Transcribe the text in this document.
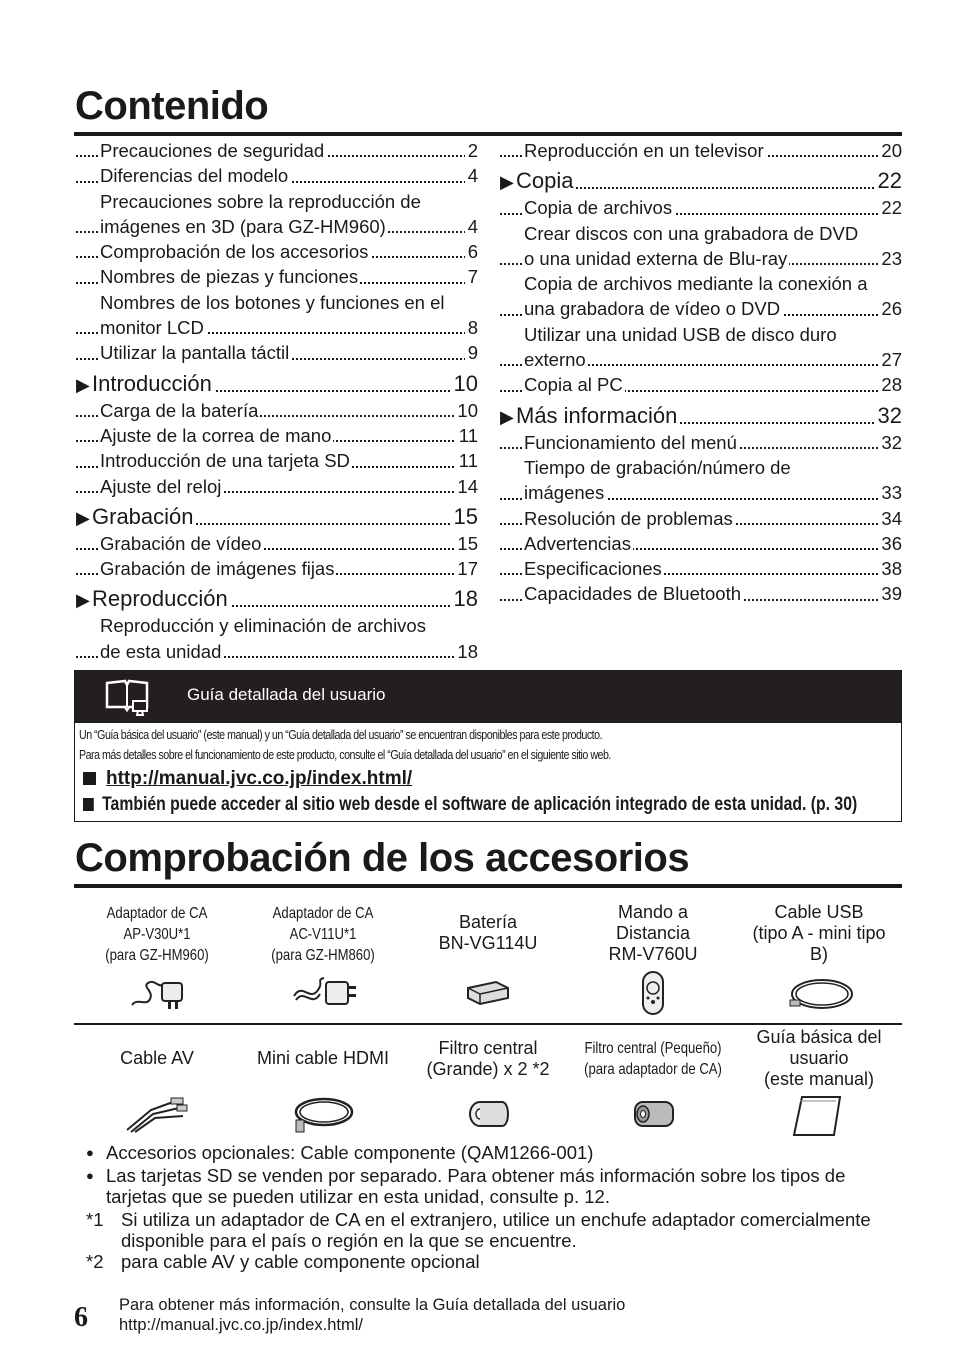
Contenido
Precauciones de seguridad	2
Diferencias del modelo	4
Precauciones sobre la reproducción de
imágenes en 3D (para GZ-HM960)	4
Comprobación de los accesorios	6
Nombres de piezas y funciones	7
Nombres de los botones y funciones en el
monitor LCD	8
Utilizar la pantalla táctil	9
▶Introducción	10
Carga de la batería	10
Ajuste de la correa de mano	11
Introducción de una tarjeta SD	11
Ajuste del reloj	14
▶Grabación	15
Grabación de vídeo	15
Grabación de imágenes fijas	17
▶Reproducción	18
Reproducción y eliminación de archivos
de esta unidad	18
Reproducción en un televisor	20
▶Copia	22
Copia de archivos	22
Crear discos con una grabadora de DVD
o una unidad externa de Blu-ray	23
Copia de archivos mediante la conexión a
una grabadora de vídeo o DVD	26
Utilizar una unidad USB de disco duro
externo	27
Copia al PC	28
▶Más información	32
Funcionamiento del menú	32
Tiempo de grabación/número de
imágenes	33
Resolución de problemas	34
Advertencias	36
Especificaciones	38
Capacidades de Bluetooth	39
Guía detallada del usuario
Un “Guía básica del usuario” (este manual) y un “Guía detallada del usuario” se encuentran disponibles para este producto.
Para más detalles sobre el funcionamiento de este producto, consulte el “Guía detallada del usuario” en el siguiente sitio web.
http://manual.jvc.co.jp/index.html/
También puede acceder al sitio web desde el software de aplicación integrado de esta unidad. (p. 30)
Comprobación de los accesorios
Adaptador de CA
AP-V30U*1
(para GZ-HM960)
Adaptador de CA
AC-V11U*1
(para GZ-HM860)
Batería
BN-VG114U
Mando a
Distancia
RM-V760U
Cable USB
(tipo A - mini tipo
B)
Cable AV	Mini cable HDMI	Filtro central
(Grande) x 2 *2
Filtro central (Pequeño)
(para adaptador de CA)
Guía básica del
usuario
(este manual)
● Accesorios opcionales: Cable componente (QAM1266-001)
● Las tarjetas SD se venden por separado. Para obtener más información sobre los tipos de tarjetas que se pueden utilizar en esta unidad, consulte p. 12.
*1 Si utiliza un adaptador de CA en el extranjero, utilice un enchufe adaptador comercialmente disponible para el país o región en la que se encuentre.
*2 para cable AV y cable componente opcional
6 Para obtener más información, consulte la Guía detallada del usuario
http://manual.jvc.co.jp/index.html/
